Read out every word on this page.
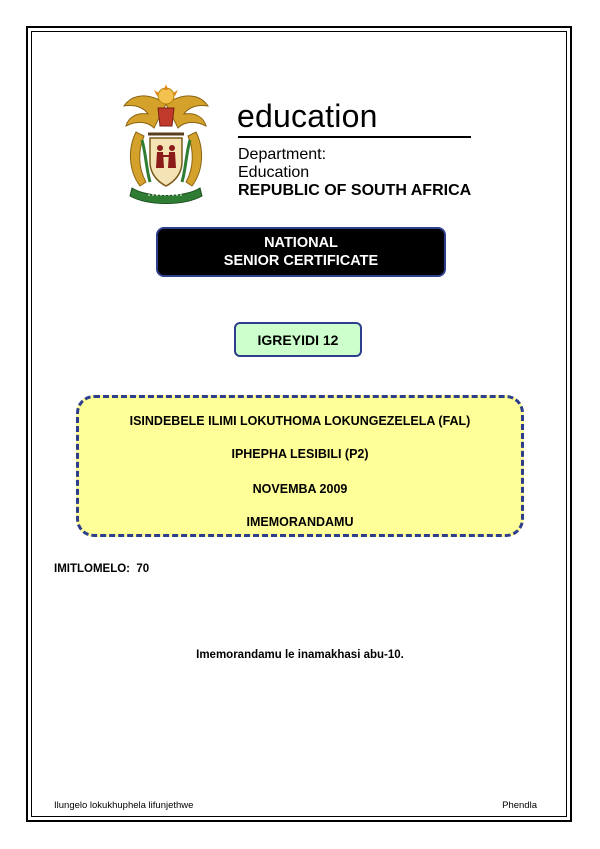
education
Department:
Education
REPUBLIC OF SOUTH AFRICA
NATIONAL
SENIOR CERTIFICATE
IGREYIDI 12
ISINDEBELE ILIMI LOKUTHOMA LOKUNGEZELELA (FAL)
IPHEPHA LESIBILI (P2)
NOVEMBA 2009
IMEMORANDAMU
IMITLOMELO:  70
Imemorandamu le inamakhasi abu-10.
Ilungelo lokukhuphela lifunjethwe	Phendla
